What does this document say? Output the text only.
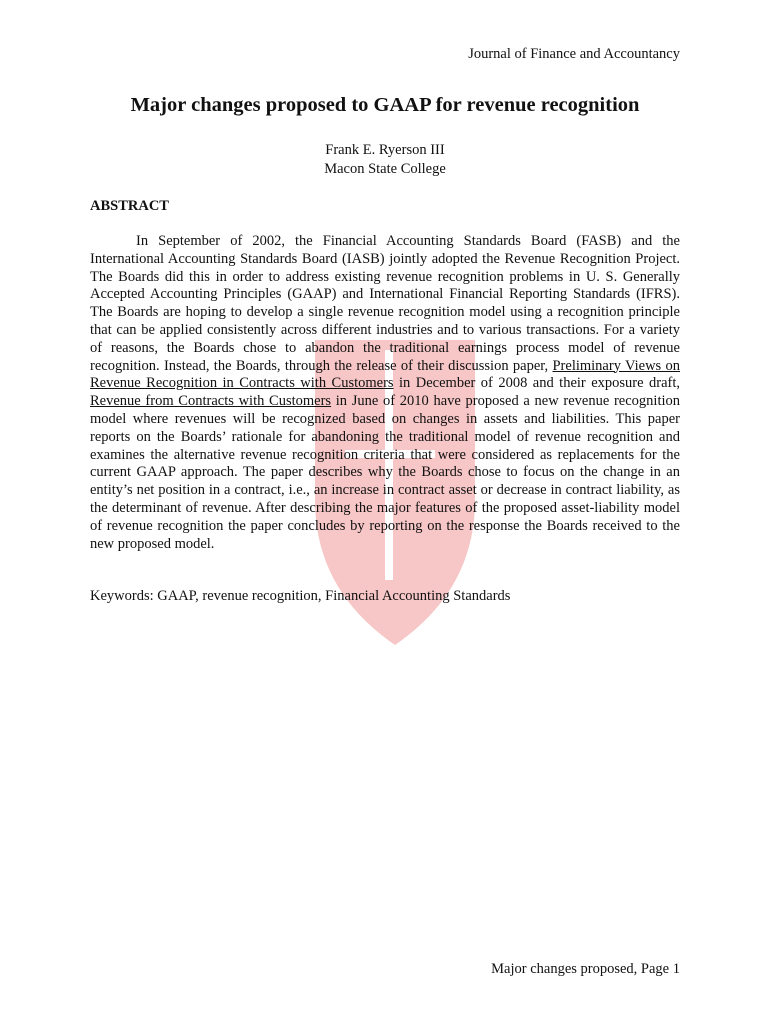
Journal of Finance and Accountancy
Major changes proposed to GAAP for revenue recognition
Frank E. Ryerson III
Macon State College
ABSTRACT
In September of 2002, the Financial Accounting Standards Board (FASB) and the International Accounting Standards Board (IASB) jointly adopted the Revenue Recognition Project. The Boards did this in order to address existing revenue recognition problems in U. S. Generally Accepted Accounting Principles (GAAP) and International Financial Reporting Standards (IFRS). The Boards are hoping to develop a single revenue recognition model using a recognition principle that can be applied consistently across different industries and to various transactions. For a variety of reasons, the Boards chose to abandon the traditional earnings process model of revenue recognition. Instead, the Boards, through the release of their discussion paper, Preliminary Views on Revenue Recognition in Contracts with Customers in December of 2008 and their exposure draft, Revenue from Contracts with Customers in June of 2010 have proposed a new revenue recognition model where revenues will be recognized based on changes in assets and liabilities. This paper reports on the Boards’ rationale for abandoning the traditional model of revenue recognition and examines the alternative revenue recognition criteria that were considered as replacements for the current GAAP approach. The paper describes why the Boards chose to focus on the change in an entity’s net position in a contract, i.e., an increase in contract asset or decrease in contract liability, as the determinant of revenue. After describing the major features of the proposed asset-liability model of revenue recognition the paper concludes by reporting on the response the Boards received to the new proposed model.
Keywords: GAAP, revenue recognition, Financial Accounting Standards
Major changes proposed, Page 1
